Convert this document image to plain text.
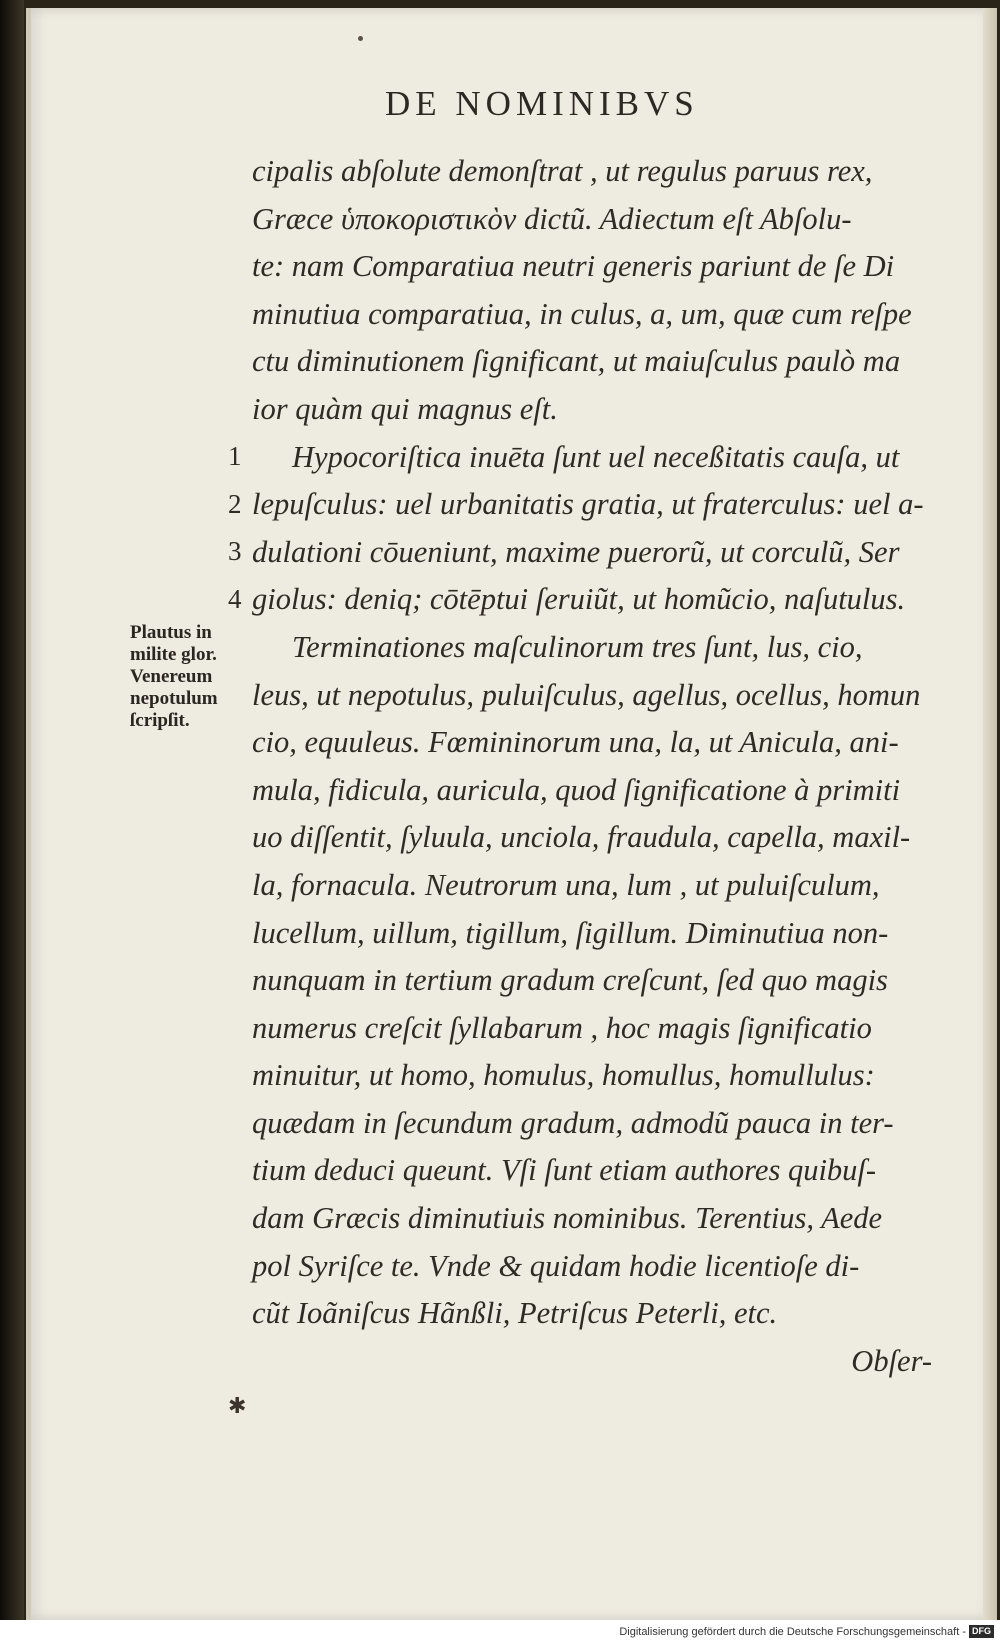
DE NOMINIBVS
cipalis abſolute demonſtrat , ut regulus paruus rex,
Græce ὑποκοριστικὸν dictũ. Adiectum eſt Abſolu-
te: nam Comparatiua neutri generis pariunt de ſe Di
minutiua comparatiua, in culus, a, um, quæ cum reſpe
ctu diminutionem ſignificant, ut maiuſculus paulò ma
ior quàm qui magnus eſt.
Hypocoriſtica inuēta ſunt uel neceßitatis cauſa, ut
lepuſculus: uel urbanitatis gratia, ut fraterculus: uel a-
dulationi cōueniunt, maxime puerorũ, ut corculũ, Ser
giolus: deniq; cōtēptui ſeruiũt, ut homũcio, naſutulus.
Terminationes maſculinorum tres ſunt, lus, cio,
leus, ut nepotulus, puluiſculus, agellus, ocellus, homun
cio, equuleus. Fœmininorum una, la, ut Anicula, ani-
mula, fidicula, auricula, quod ſignificatione à primiti
uo diſſentit, ſyluula, unciola, fraudula, capella, maxil-
la, fornacula. Neutrorum una, lum , ut puluiſculum,
lucellum, uillum, tigillum, ſigillum. Diminutiua non-
nunquam in tertium gradum creſcunt, ſed quo magis
numerus creſcit ſyllabarum , hoc magis ſignificatio
minuitur, ut homo, homulus, homullus, homullulus:
quædam in ſecundum gradum, admodũ pauca in ter-
tium deduci queunt. Vſi ſunt etiam authores quibuſ-
dam Græcis diminutiuis nominibus. Terentius, Aede
pol Syriſce te. Vnde & quidam hodie licentioſe di-
cũt Ioãniſcus Hãnßli, Petriſcus Peterli, etc.
Obſer-
1
2
3
4
Plautus in
milite glor.
Venereum
nepotulum
ſcripſit.
✱
Digitalisierung gefördert durch die Deutsche Forschungsgemeinschaft - DFG
